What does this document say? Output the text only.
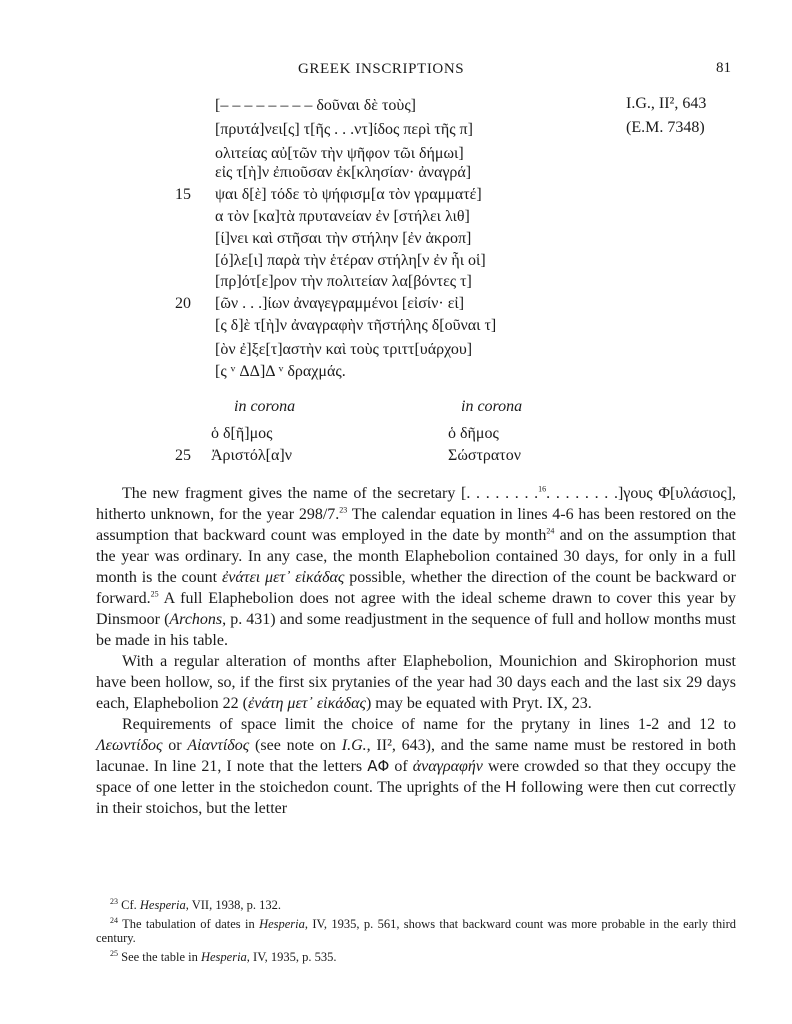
GREEK INSCRIPTIONS	81
I.G., II², 643
(E.M. 7348)
[– – – – – – – – δοῦναι δὲ τοὺς]
[πρυτά]νει[ς] τ[ῆς . . .ντ]ίδος περὶ τῆς π]
ολιτείας αὐ[τῶν τὴν ψῆφον τῶι δήμωι]
εἰς τ[ὴ]ν ἐπιοῦσαν ἐκ[κλησίαν· ἀναγρά]
ψαι δ[ὲ] τόδε τὸ ψήφισμ[α τὸν γραμματέ]
α τὸν [κα]τὰ πρυτανείαν ἐν [στήλει λιθ]
[ί]νει καὶ στῆσαι τὴν στήλην [ἐν ἀκροπ]
[ό]λε[ι] παρὰ τὴν ἑτέραν στήλη[ν ἐν ἧι οἱ]
[πρ]ότ[ε]ρον τὴν πολιτείαν λα[βόντες τ]
[ῶν . . .]ίων ἀναγεγραμμένοι [εἰσίν· εἰ]
[ς δ]ὲ τ[ὴ]ν ἀναγραφὴν τῆστήλης δ[οῦναι τ]
[ὸν ἐ]ξε[τ]αστὴν καὶ τοὺς τριττ[υάρχου]
[ς ᵛ ΔΔ]Δ ᵛ δραχμάς.
15
20
25
in corona	in corona
ὁ δ[ῆ]μος
Ἀριστόλ[α]ν
ὁ δῆμος
Σώστρατον

The new fragment gives the name of the secretary [. . . . . . . .$^{16}$. . . . . . . .]γους Φ[υλάσιος], hitherto unknown, for the year 298/7.23 The calendar equation in lines 4-6 has been restored on the assumption that backward count was employed in the date by month$^{24}$ and on the assumption that the year was ordinary. In any case, the month Elaphebolion contained 30 days, for only in a full month is the count ἐνάτει μετ᾽ εἰκάδας possible, whether the direction of the count be backward or forward.$^{25}$ A full Elaphebolion does not agree with the ideal scheme drawn to cover this year by Dinsmoor (Archons, p. 431) and some readjustment in the sequence of full and hollow months must be made in his table.

With a regular alteration of months after Elaphebolion, Mounichion and Skirophorion must have been hollow, so, if the first six prytanies of the year had 30 days each and the last six 29 days each, Elaphebolion 22 (ἐνάτη μετ᾽ εἰκάδας) may be equated with Pryt. IX, 23.

Requirements of space limit the choice of name for the prytany in lines 1-2 and 12 to Λεωντίδος or Αἰαντίδος (see note on I.G., II², 643), and the same name must be restored in both lacunae. In line 21, I note that the letters ΑΦ of ἀναγραφήν were crowded so that they occupy the space of one letter in the stoichedon count. The uprights of the Η following were then cut correctly in their stoichos, but the letter

$^{23}$ Cf. Hesperia, VII, 1938, p. 132.

$^{24}$ The tabulation of dates in Hesperia, IV, 1935, p. 561, shows that backward count was more probable in the early third century.

$^{25}$ See the table in Hesperia, IV, 1935, p. 535.
